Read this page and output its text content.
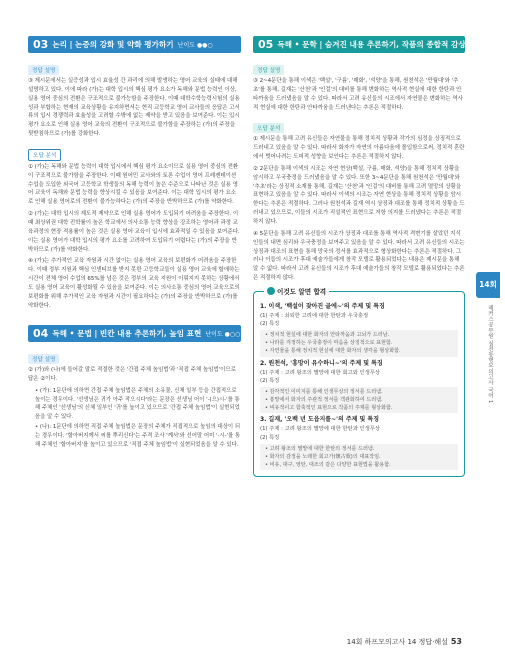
03 논리 | 논증의 강화 및 약화 평가하기 난이도 ●●○
정답 설명

③ 제시문에서는 실증성과 입시 효율성 간 과리에 의해 발생하는 영어 교육의 실태에 대해 설명하고 있다. 이에 따라 (가)는 대학 입시의 핵심 평가 요소가 독해와 문법 능력인 이상, 실용 영어 중심의 전환은 구조적으로 불가능함을 주장한다. 이때 대학수학능력시험의 실용성과 부합하는 현재의 교육상황을 유지하면서는 현직 교등학교 영어 교사들의 응답은 고서류의 입시 경쟁력과 효율성을 고려할 수밖에 없는 제약을 받고 있음을 보여준다. 이는 입시 평가 요소로 인해 실용 영어 교육의 전환이 구조적으로 불가함을 주장하는 (가)의 주장을 뒷받침하므로 (가)를 강화한다.

오답 분석

① (가)는 독해와 문법 능력이 대학 입시에서 핵심 평가 요소이므로 실용 영어 중심의 전환이 구조적으로 불가함을 주장한다. 이때 원어민 교사와의 토론 수업이 영어 프레젠테이션 수업을 도입한 외국어 고등학교 학생들의 독해 능력이 높은 수준으로 나타난 것은 실용 영어 교육이 독해와 문법 능력을 향상시킬 수 있음을 보여준다. 이는 대학 입시의 평가 요소로 인해 실용 영어로의 전환이 불가능하다는 (가)의 주장을 반박하므로 (가)를 약화한다.

② (가)는 대학 입시의 제도적 제약으로 인해 실용 영어가 도입되기 어려움을 주장한다. 이때 최상위권 대학 진학률이 높은 학교에서 의사소통 능력 향상을 강조하는 영어과 과정 교육과정의 현장 적용률이 높은 것은 실용 영어 교육이 입시에 효과적일 수 있음을 보여준다. 이는 실용 영어가 대학 입시의 평가 요소를 고려하여 도입되기 어렵다는 (가)의 주장을 반박하므로 (가)를 약화한다.

④ (가)는 추가적인 교육 자원과 시간 없이는 실용 영어 교육의 보편화가 어려움을 주장한다. 이때 정부 지원과 핵심 인센티브를 받지 못한 고등학교들이 실용 영어 교육에 할애하는 시간이 전체 영어 수업의 65%를 넘은 것은 정부의 교육 지원이 이뤄지지 못하는 상황에서도 실용 영어 교육이 활성화될 수 있음을 보여준다. 이는 의사소통 중심의 영어 교육으로의 보편화를 위해 추가적인 교육 자원과 시간이 필요하다는 (가)의 주장을 반박하므로 (가)를 약화한다.

04 독해 • 문법 | 빈칸 내용 추론하기, 높임 표현 난이도 ●○○
정답 설명

② (가)와 (나)에 들어갈 말로 적절한 것은 '간접 주체 높임법'과 '직접 주체 높임법'이므로 답은 ②이다.

• (가): 1문단에 의하면 간접 주체 높임법은 주체의 소유물, 신체 일부 등을 간접적으로 높이는 경우이다. '선생님은 귀가 아주 작으시다'라는 문장은 선생님 어이 '-(으)시-'를 통해 주체인 '선생님'의 신체 일부인 '귀'를 높이고 있으므로 '간접 주체 높임법'이 실현되었음을 알 수 있다.

• (나): 1문단에 의하면 직접 주체 높임법은 문장의 주체가 직접적으로 높임의 대상이 되는 경우이다. '할아버지께서 씨를 뿌리신다'는 주격 조사 '께서'와 선어말 어미 '-시-'를 통해 주체인 '할아버지'를 높이고 있으므로 '직접 주체 높임법'이 실현되었음을 알 수 있다.

05 독해 • 문학 | 숨겨진 내용 추론하기, 작품의 종합적 감상 난이도 ●●○
정답 설명

③ 2~4문단을 통해 이색은 '백설', '구름', '매화', '석양'을 통해, 원천석은 '만월대'와 '추초'를 통해, 길재는 '산천'과 '인걸'의 대비를 통해 변화하는 역사적 현실에 대한 한탄과 안타까움을 드러냈음을 알 수 있다. 따라서 고려 유신들의 시조에서 자연물은 변화하는 역사적 현실에 대한 한탄과 안타까움을 드러낸다는 추론은 적절하다.

오답 분석

① 제시문을 통해 고려 유신들은 자연물을 통해 정치적 상황과 작가의 심정을 상징적으로 드러내고 있음을 알 수 있다. 따라서 화자가 자연의 아름다움에 몰입함으로써, 정치적 혼란에서 벗어나려는 도피적 성향을 보인다는 추론은 적절하지 않다.

② 2문단을 통해 이색의 시조는 자연 현상(백설, 구름, 매화, 석양)을 통해 정치적 상황을 암시하고 우국충정을 드러냈음을 알 수 있다. 또한 3~4문단을 통해 원천석은 '만월대'와 '추초'라는 상징적 소재를 통해, 길재는 '산천'과 '인걸'의 대비를 통해 고려 멸망의 상황을 표현하고 있음을 알 수 있다. 따라서 이색의 시조는 자연 현상을 통해 정치적 상황을 암시한다는 추론은 적절하다. 그러나 원천석과 길재 역시 상징과 대조를 통해 정치적 상황을 드러내고 있으므로, 이들의 시조가 직설적인 표현으로 저항 의지를 드러냈다는 추론은 적절하지 않다.

④ 5문단을 통해 고려 유신들의 시조가 상징과 대조를 통해 역사적 격변기를 살았던 지식인들의 내면 심리와 우국충정을 보여주고 있음을 알 수 있다. 따라서 고려 유신들의 시조는 상징과 대조의 표현을 통해 망국의 정서를 효과적으로 형상화한다는 추론은 적절하다. 그러나 이들의 시조가 후대 예술가들에게 창작 모델로 활용되었다는 내용은 제시문을 통해 알 수 없다. 따라서 고려 유신들의 시조가 후대 예술가들의 창작 모델로 활용되었다는 추론은 적절하지 않다.

이것도 알면 합격
1. 이색, '백설이 잦아진 골에~'의 주제 및 특징
(1) 주제 : 쇠퇴한 고려에 대한 한탄과 우국충정
(2) 특징
• 정치적 현실에 대한 화자의 안타까움과 고뇌가 드러남.
• 나라를 걱정하는 우국충정이 마음을 상징적으로 표현함.
• 자연물을 통해 정치적 현실에 대한 화자의 생각을 형상화함.
2. 원천석, '흥망이 유수하니~'의 주제 및 특징
(1) 주제 : 고려 왕조의 멸망에 대한 회고와 인생무상
(2) 특징
• 감각적인 이미지를 통해 인생무상의 정서를 드러냄.
• 흥망에서 화자의 주관적 정서를 객관화하여 드러냄.
• 비유적이고 함축적인 표현으로 작품의 주제를 형상화함.
3. 길재, '오백 년 도읍지를~'의 주제 및 특징
(1) 주제 : 고려 왕조의 멸망에 대한 한탄과 인생무상
(2) 특징
• 고려 왕조의 멸망에 대한 한탄의 정서를 드러냄.
• 화자의 감정을 노래한 회고가(懷古歌)의 대표작임.
• 비유, 대구, 영탄, 대조의 같은 다양한 표현법을 활용함.
14회
해커스공무원 실전동형모의고사 국어 1
14회 하프모의고사 14 정답·해설 53
